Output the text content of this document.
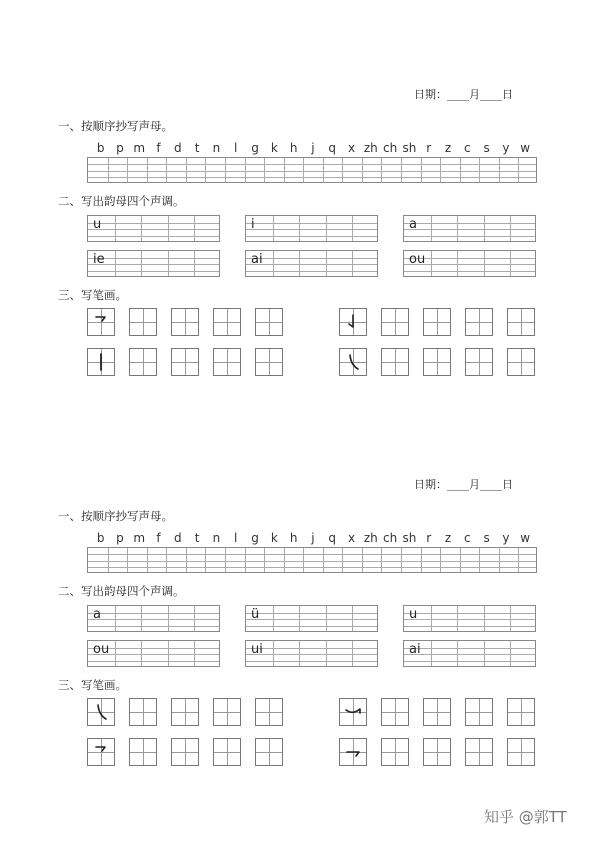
日期：____月____日
一、按顺序抄写声母。
b p m f	d	t	n	l	g	k	h	j	q x zh ch sh r	z	c	s	y w
二、写出韵母四个声调。
u	i	a
ie	ai	ou
三、写笔画。
日期：____月____日
一、按顺序抄写声母。
b p m f	d	t	n	l	g	k	h	j	q x zh ch sh r	z	c	s	y w
二、写出韵母四个声调。
a	ü	u
ou	ui	ai
三、写笔画。
知乎 @郭TT
